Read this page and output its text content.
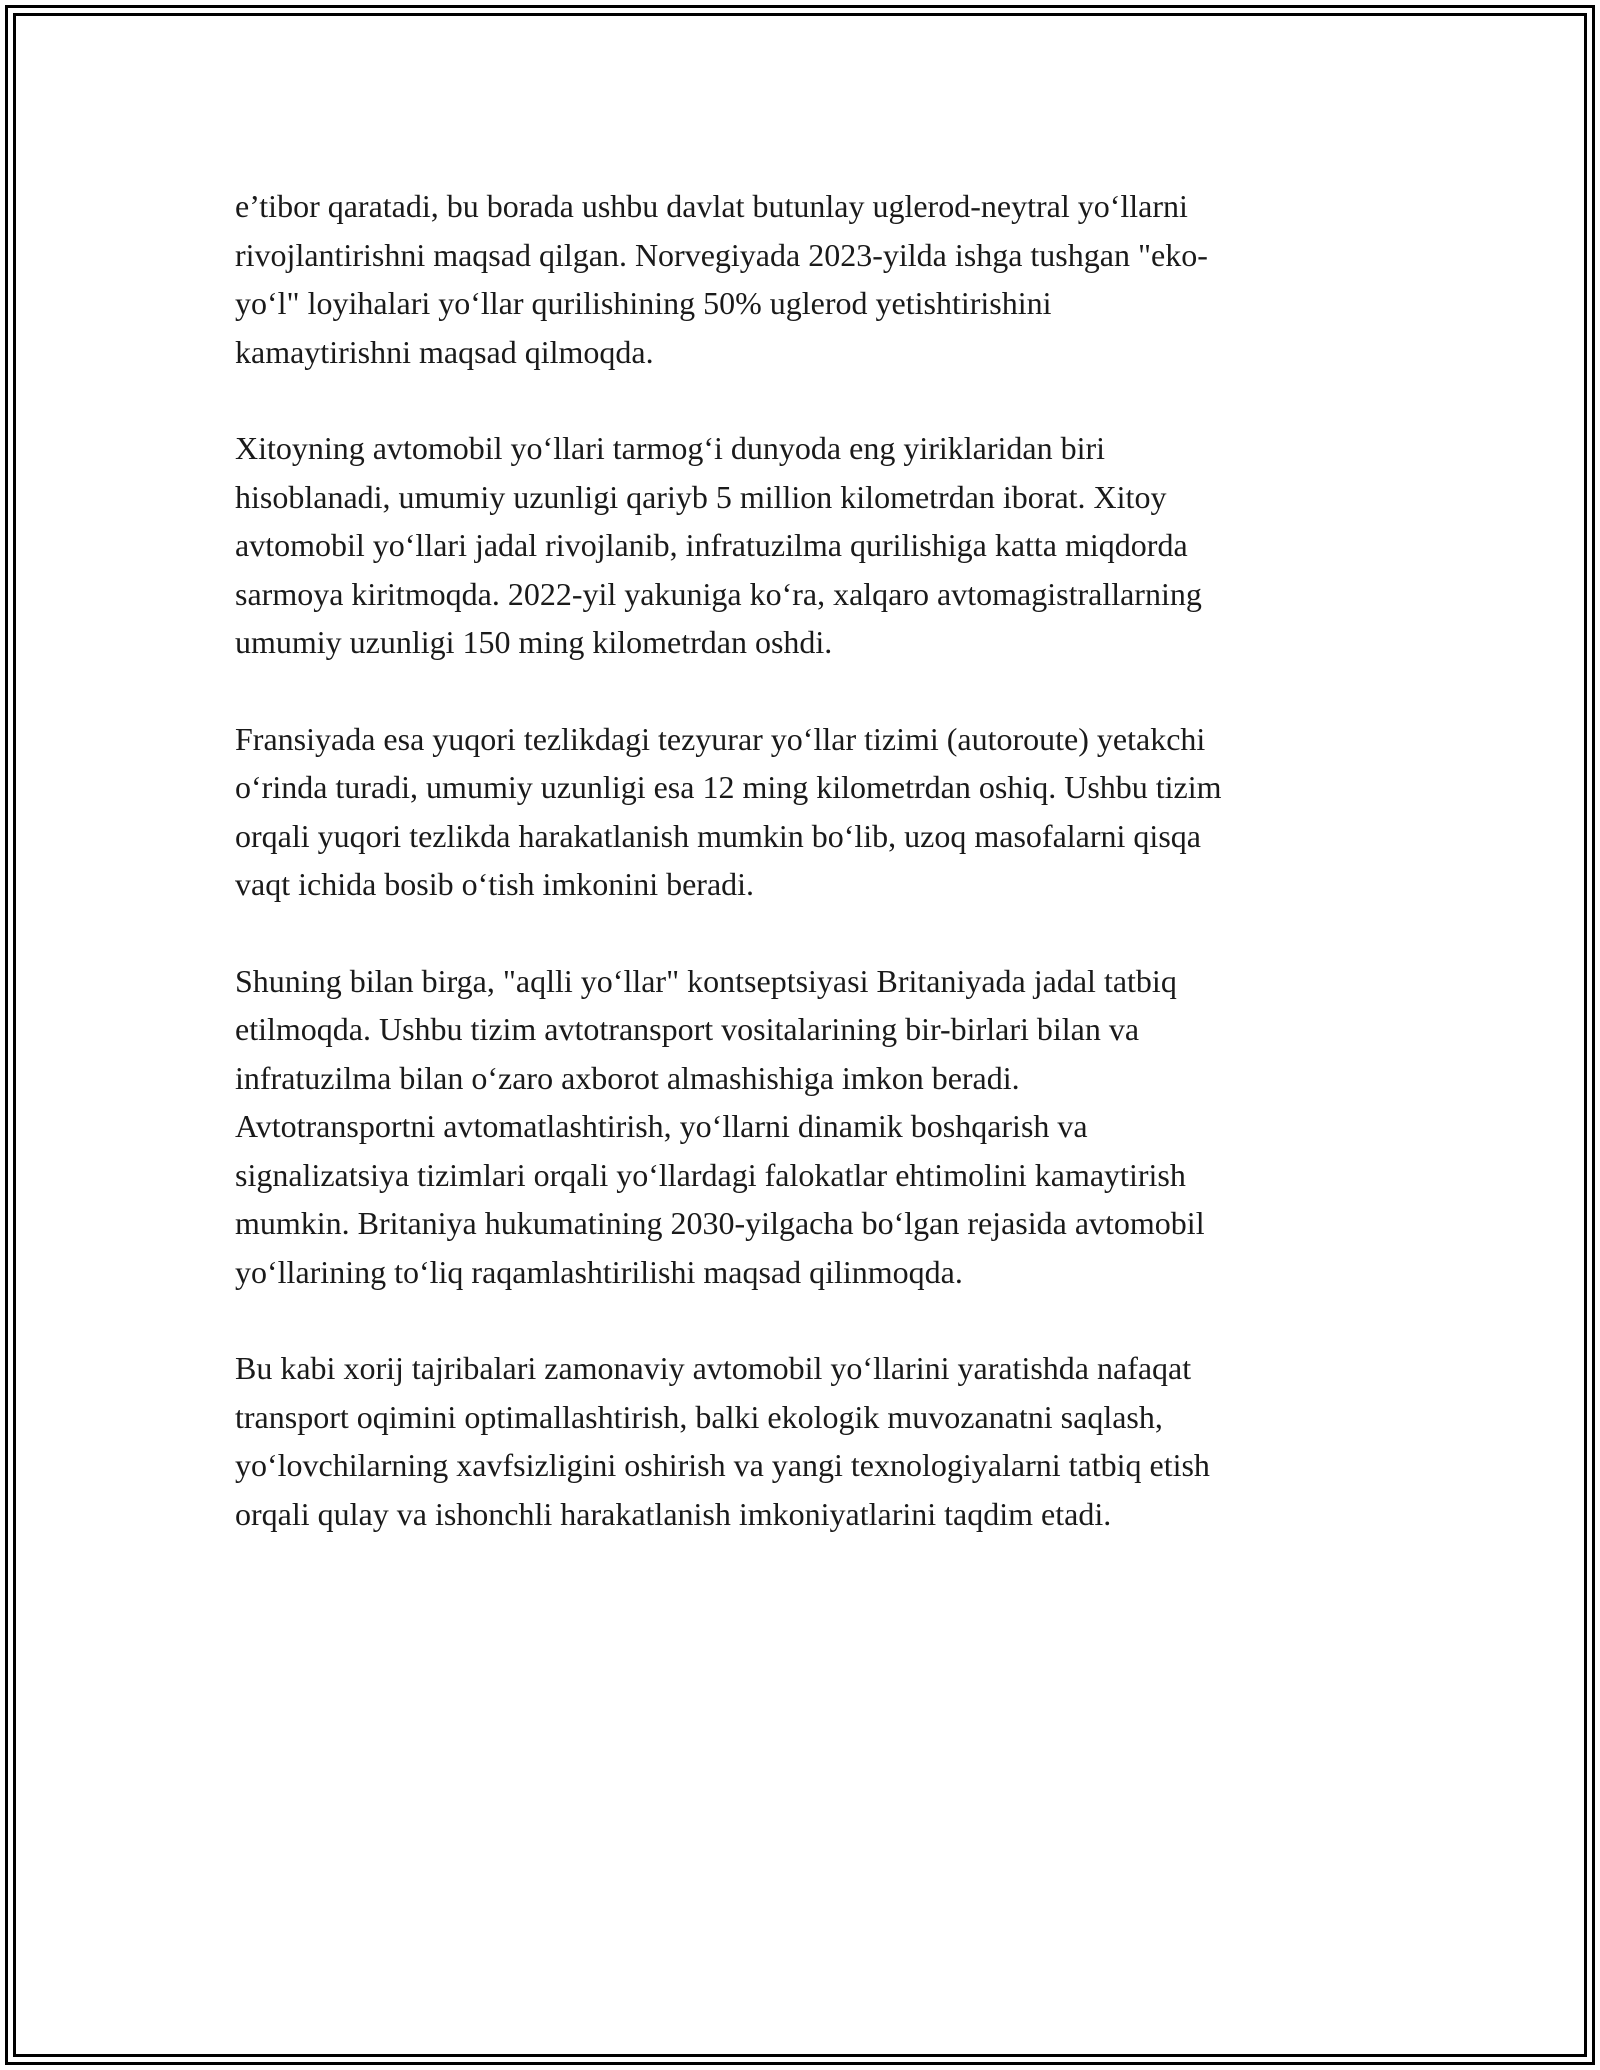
e’tibor qaratadi, bu borada ushbu davlat butunlay uglerod-neytral yoʻllarni
rivojlantirishni maqsad qilgan. Norvegiyada 2023-yilda ishga tushgan "eko-
yoʻl" loyihalari yoʻllar qurilishining 50% uglerod yetishtirishini
kamaytirishni maqsad qilmoqda.

Xitoyning avtomobil yoʻllari tarmogʻi dunyoda eng yiriklaridan biri
hisoblanadi, umumiy uzunligi qariyb 5 million kilometrdan iborat. Xitoy
avtomobil yoʻllari jadal rivojlanib, infratuzilma qurilishiga katta miqdorda
sarmoya kiritmoqda. 2022-yil yakuniga koʻra, xalqaro avtomagistrallarning
umumiy uzunligi 150 ming kilometrdan oshdi.

Fransiyada esa yuqori tezlikdagi tezyurar yoʻllar tizimi (autoroute) yetakchi
oʻrinda turadi, umumiy uzunligi esa 12 ming kilometrdan oshiq. Ushbu tizim
orqali yuqori tezlikda harakatlanish mumkin boʻlib, uzoq masofalarni qisqa
vaqt ichida bosib oʻtish imkonini beradi.

Shuning bilan birga, "aqlli yoʻllar" kontseptsiyasi Britaniyada jadal tatbiq
etilmoqda. Ushbu tizim avtotransport vositalarining bir-birlari bilan va
infratuzilma bilan oʻzaro axborot almashishiga imkon beradi.
Avtotransportni avtomatlashtirish, yoʻllarni dinamik boshqarish va
signalizatsiya tizimlari orqali yoʻllardagi falokatlar ehtimolini kamaytirish
mumkin. Britaniya hukumatining 2030-yilgacha boʻlgan rejasida avtomobil
yoʻllarining toʻliq raqamlashtirilishi maqsad qilinmoqda.

Bu kabi xorij tajribalari zamonaviy avtomobil yoʻllarini yaratishda nafaqat
transport oqimini optimallashtirish, balki ekologik muvozanatni saqlash,
yoʻlovchilarning xavfsizligini oshirish va yangi texnologiyalarni tatbiq etish
orqali qulay va ishonchli harakatlanish imkoniyatlarini taqdim etadi.
